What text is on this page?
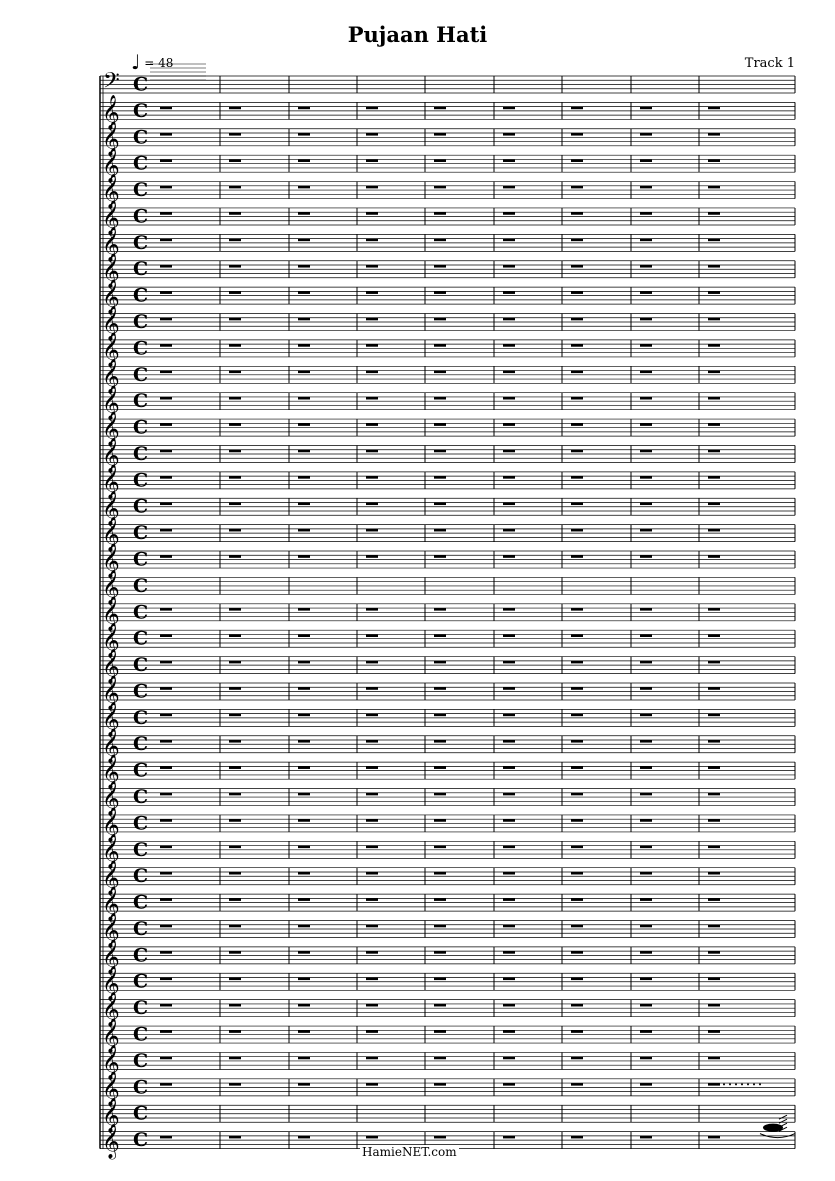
Pujaan Hati
Track 1
♩ = 48
𝄢 C
𝄞 C
𝄞 C
𝄞 C
𝄞 C
𝄞 C
𝄞 C
𝄞 C
𝄞 C
𝄞 C
𝄞 C
𝄞 C
𝄞 C
𝄞 C
𝄞 C
𝄞 C
𝄞 C
𝄞 C
𝄞 C
𝄞 C
𝄞 C
𝄞 C
𝄞 C
𝄞 C
𝄞 C
𝄞 C
𝄞 C
𝄞 C
𝄞 C
𝄞 C
𝄞 C
𝄞 C
𝄞 C
𝄞 C
𝄞 C
𝄞 C
𝄞 C
𝄞 C
𝄞 C
𝄞 C
𝄞 C
HamieNET.com
